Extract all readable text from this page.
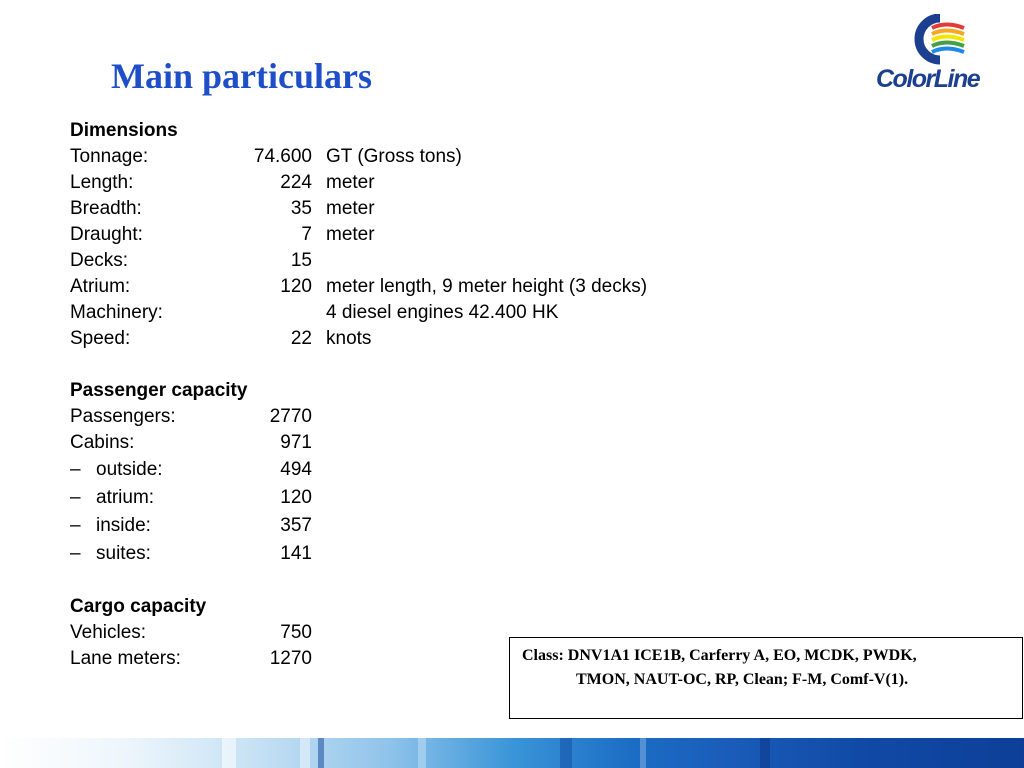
Main particulars	ColorLine
Dimensions
Tonnage:	74.600 GT (Gross tons)
Length:	224 meter
Breadth:	35 meter
Draught:	7 meter
Decks:	15
Atrium:	120 meter length, 9 meter height (3 decks)
Machinery:	4 diesel engines 42.400 HK
Speed:	22 knots
Passenger capacity
Passengers:	2770
Cabins:	971
– outside:	494
– atrium:	120
– inside:	357
– suites:	141
Cargo capacity
Vehicles:	750
Lane meters:	1270	Class: DNV1A1 ICE1B, Carferry A, EO, MCDK, PWDK,
TMON, NAUT-OC, RP, Clean; F-M, Comf-V(1).
